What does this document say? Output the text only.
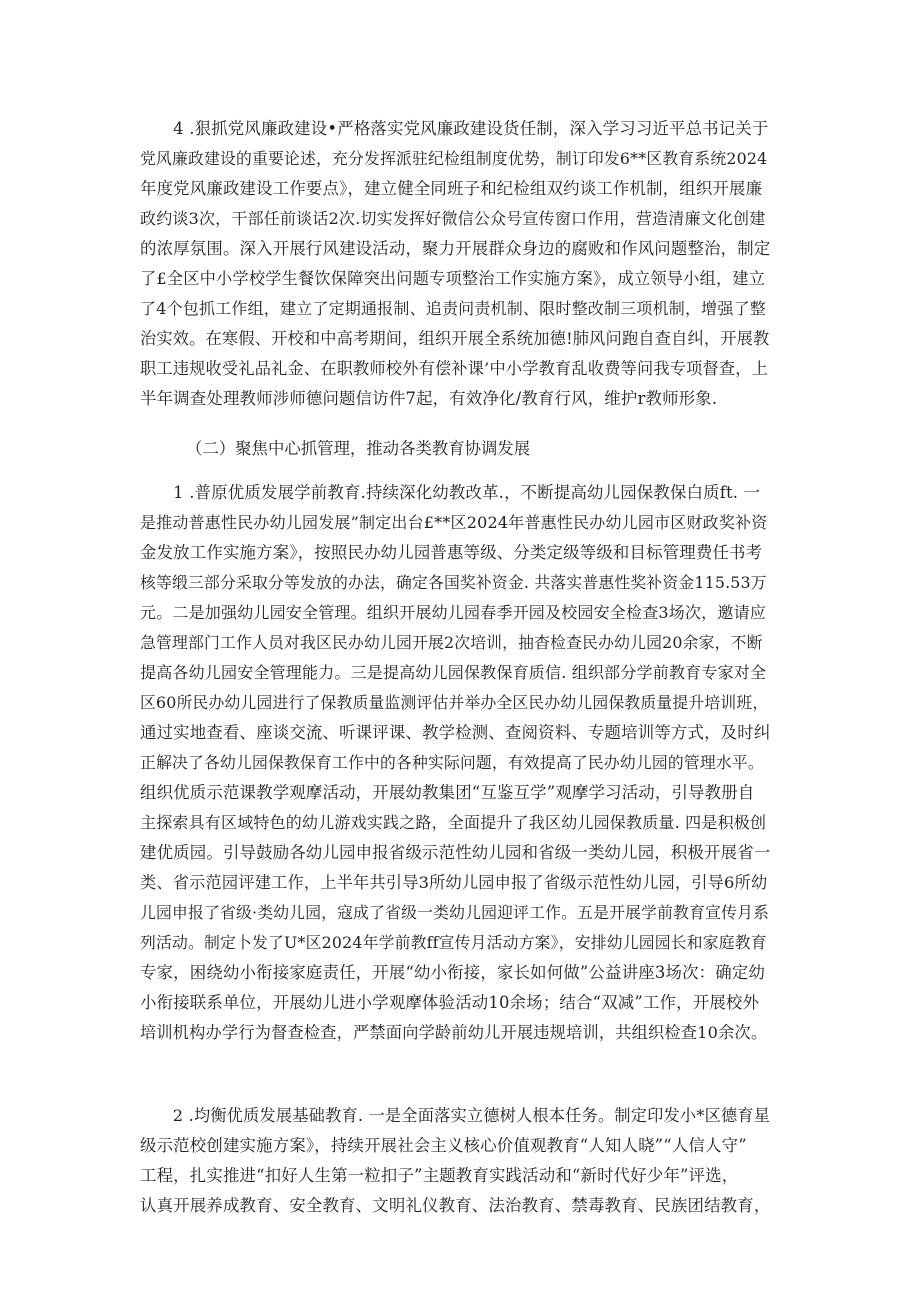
　　4 .狠抓党风廉政建设•严格落实党风廉政建设货任制，深入学习习近平总书记关于
党风廉政建设的重要论述，充分发挥派驻纪检组制度优势，制订印发6**区教育系统2024
年度党风廉政建设工作要点》，建立健全同班子和纪检组双约谈工作机制，组织开展廉
政约谈3次，干部任前谈话2次.切实发挥好微信公众号宣传窗口作用，营造清廉文化创建
的浓厚氛围。深入开展行风建设活动，聚力开展群众身边的腐败和作风问题整治，制定
了£全区中小学校学生餐饮保障突出问题专项整治工作实施方案》，成立领导小组，建立
了4个包抓工作组，建立了定期通报制、追责问责机制、限时整改制三项机制，增强了整
治实效。在寒假、开校和中高考期间，组织开展全系统加德!肺风问跑自查自纠，开展教
职工违规收受礼品礼金、在职教师校外有偿补课’中小学教育乱收费等问我专项督查，上
半年调查处理教师涉师德问题信访件7起，有效净化/教育行风，维护r教师形象.
（二）聚焦中心抓管理，推动各类教育协调发展
　　1 .普原优质发展学前教育.持续深化幼教改革.，不断提高幼儿园保教保白质ft. 一
是推动普惠性民办幼儿园发展”制定出台£**区2024年普惠性民办幼儿园市区财政奖补资
金发放工作实施方案》，按照民办幼儿园普惠等级、分类定级等级和目标管理费任书考
核等缎三部分采取分等发放的办法，确定各国奖补资金. 共落实普惠性奖补资金115.53万
元。二是加强幼儿园安全管理。组织开展幼儿园春季开园及校园安全检查3场次，邀请应
急管理部门工作人员对我区民办幼儿园开展2次培训，抽杳检查民办幼儿园20余家，不断
提高各幼儿园安全管理能力。三是提高幼儿园保教保育质信. 组织部分学前教育专家对全
区60所民办幼儿园进行了保教质量监测评估并举办全区民办幼儿园保教质量提升培训班，
通过实地查看、座谈交流、听课评课、教学检测、查阅资料、专题培训等方式，及时纠
正解决了各幼儿园保教保育工作中的各种实际问题，有效提高了民办幼儿园的管理水平。
组织优质示范课教学观摩活动，开展幼教集团“互鉴互学”观摩学习活动，引导教册自
主探索具有区域特色的幼儿游戏实践之路，全面提升了我区幼儿园保教质量. 四是积极创
建优质园。引导鼓励各幼儿园申报省级示范性幼儿园和省级一类幼儿园，积极开展省一
类、省示范园评建工作，上半年共引导3所幼儿园申报了省级示范性幼儿园，引导6所幼
儿园申报了省级·类幼儿园，寇成了省级一类幼儿园迎评工作。五是开展学前教育宣传月系
列活动。制定卜发了U*区2024年学前教ff宣传月活动方案》，安排幼儿园园长和家庭教育
专家，困绕幼小衔接家庭责任，开展“幼小衔接，家长如何做”公益讲座3场次：确定幼
小衔接联系单位，开展幼儿进小学观摩体验活动10余场；结合“双减”工作，开展校外
培训机构办学行为督查检查，严禁面向学龄前幼儿开展违规培训，共组织检查10余次。
　　2 .均衡优质发展基础教育. 一是全面落实立德树人根本任务。制定印发小*区德育星
级示范校创建实施方案》，持续开展社会主义核心价值观教育“人知人晓”“人信人守”
工程，扎实推进“扣好人生第一粒扣子”主题教育实践活动和“新时代好少年”评选，
认真开展养成教育、安全教育、文明礼仪教育、法治教育、禁毒教育、民族团结教育，
